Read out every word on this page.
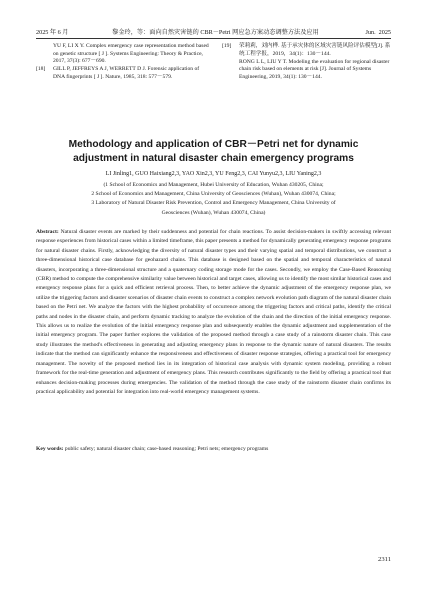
2025 年 6 月	黎金玲，等：面向自然灾害链的 CBR－Petri 网应急方案动态调整方法及应用	Jun. 2025
YU F, LI X Y. Complex emergency case representation method based on genetic structure [ J ]. Systems Engineering: Theory & Practice, 2017, 37(3): 677－690.
[18]	GILL P, JEFFREYS A J, WERRETT D J. Forensic application of DNA fingerprints [ J ]. Nature, 1985, 318: 577－579.
[19]	荣莉莉，刘内桦. 基于承灾体的区域灾害链风险评估模型[J]. 系统工程学报，2019，34(1)：130－144.
RONG L L, LIU Y T. Modeling the evaluation for regional disaster chain risk based on elements at risk [J]. Journal of Systems Engineering, 2019, 34(1): 130－144.
Methodology and application of CBR－Petri net for dynamic
adjustment in natural disaster chain emergency programs
LI Jinling1, GUO Haixiang2,3, YAO Xin2,3, YU Feng2,3, CAI Yunyu2,3, LIU Yaning2,3
(1 School of Economics and Management, Hubei University of Education, Wuhan 430205, China;
2 School of Economics and Management, China University of Geosciences (Wuhan), Wuhan 430074, China;
3 Laboratory of Natural Disaster Risk Prevention, Control and Emergency Management, China University of
Geosciences (Wuhan), Wuhan 430074, China)
Abstract: Natural disaster events are marked by their suddenness and potential for chain reactions. To assist decision-makers in swiftly accessing relevant response experiences from historical cases within a limited timeframe, this paper presents a method for dynamically generating emergency response programs for natural disaster chains. Firstly, acknowledging the diversity of natural disaster types and their varying spatial and temporal distributions, we construct a three-dimensional historical case database for geohazard chains. This database is designed based on the spatial and temporal characteristics of natural disasters, incorporating a three-dimensional structure and a quaternary coding storage mode for the cases. Secondly, we employ the Case-Based Reasoning (CBR) method to compute the comprehensive similarity value between historical and target cases, allowing us to identify the most similar historical cases and emergency response plans for a quick and efficient retrieval process. Then, to better achieve the dynamic adjustment of the emergency response plan, we utilize the triggering factors and disaster scenarios of disaster chain events to construct a complex network evolution path diagram of the natural disaster chain based on the Petri net. We analyze the factors with the highest probability of occurrence among the triggering factors and critical paths, identify the critical paths and nodes in the disaster chain, and perform dynamic tracking to analyze the evolution of the chain and the direction of the initial emergency response. This allows us to realize the evolution of the initial emergency response plan and subsequently enables the dynamic adjustment and supplementation of the initial emergency program. The paper further explores the validation of the proposed method through a case study of a rainstorm disaster chain. This case study illustrates the method's effectiveness in generating and adjusting emergency plans in response to the dynamic nature of natural disasters. The results indicate that the method can significantly enhance the responsiveness and effectiveness of disaster response strategies, offering a practical tool for emergency management. The novelty of the proposed method lies in its integration of historical case analysis with dynamic system modeling, providing a robust framework for the real-time generation and adjustment of emergency plans. This research contributes significantly to the field by offering a practical tool that enhances decision-making processes during emergencies. The validation of the method through the case study of the rainstorm disaster chain confirms its practical applicability and potential for integration into real-world emergency management systems.
Key words: public safety; natural disaster chain; case-based reasoning; Petri nets; emergency programs
2311
